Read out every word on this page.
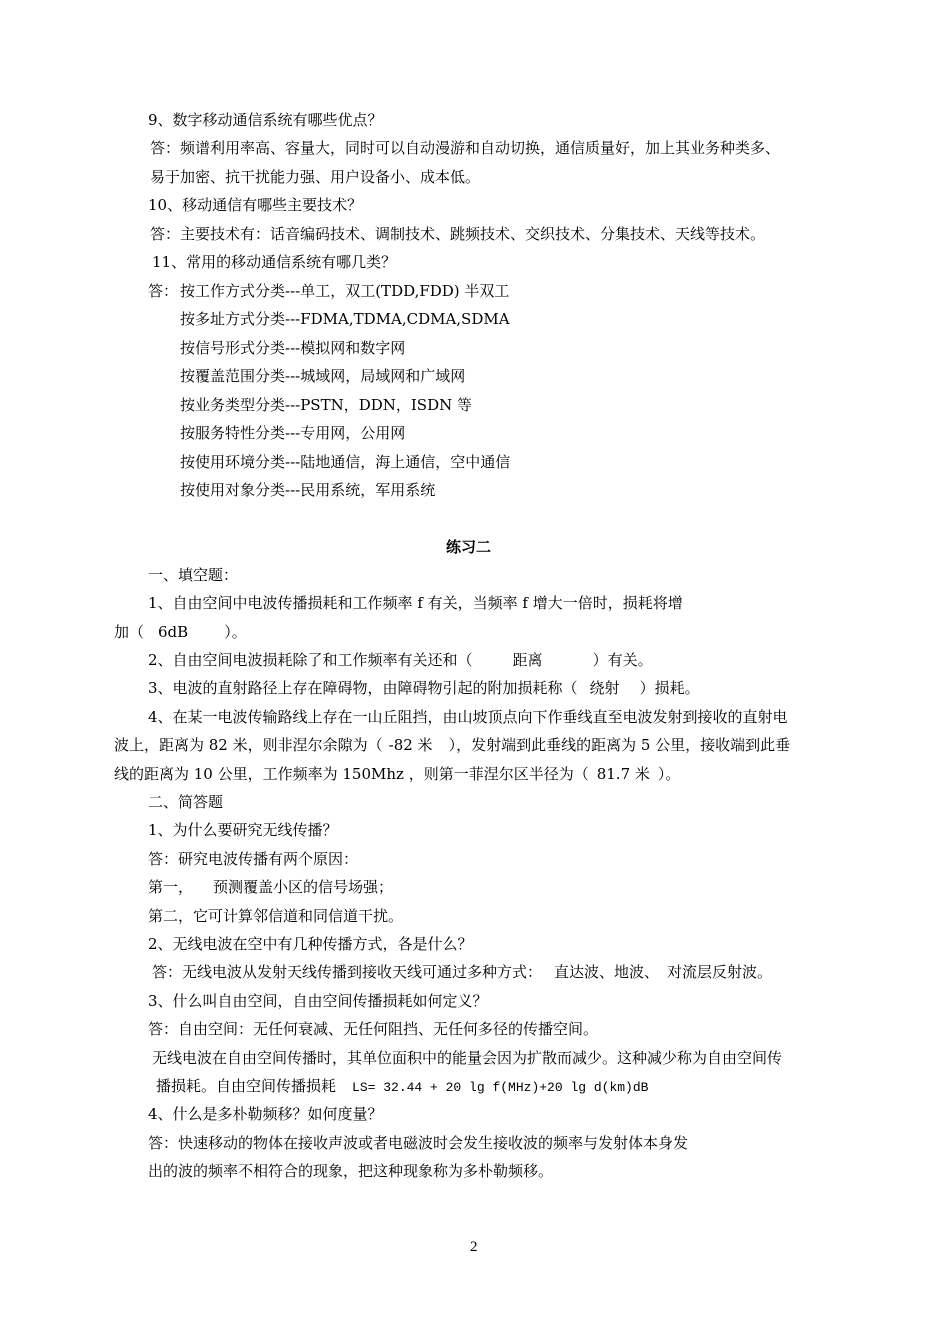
9、数字移动通信系统有哪些优点？
答：频谱利用率高、容量大，同时可以自动漫游和自动切换，通信质量好，加上其业务种类多、
易于加密、抗干扰能力强、用户设备小、成本低。
10、移动通信有哪些主要技术？
答：主要技术有：话音编码技术、调制技术、跳频技术、交织技术、分集技术、天线等技术。
11、常用的移动通信系统有哪几类？
答： 按工作方式分类---单工，双工(TDD,FDD) 半双工
按多址方式分类---FDMA,TDMA,CDMA,SDMA
按信号形式分类---模拟网和数字网
按覆盖范围分类---城域网，局域网和广域网
按业务类型分类---PSTN，DDN，ISDN 等
按服务特性分类---专用网，公用网
按使用环境分类---陆地通信，海上通信，空中通信
按使用对象分类---民用系统，军用系统
练习二
一、填空题：
1、自由空间中电波传播损耗和工作频率 f 有关，当频率 f 增大一倍时，损耗将增
加（ 6dB ）。
2、自由空间电波损耗除了和工作频率有关还和（	距离	）有关。
3、电波的直射路径上存在障碍物，由障碍物引起的附加损耗称（ 绕射 ）损耗。
4、在某一电波传输路线上存在一山丘阻挡，由山坡顶点向下作垂线直至电波发射到接收的直射电
波上，距离为 82 米，则非涅尔余隙为（ -82 米 ），发射端到此垂线的距离为 5 公里，接收端到此垂
线的距离为 10 公里，工作频率为 150Mhz ，则第一菲涅尔区半径为（ 81.7 米 ）。
二、简答题
1、为什么要研究无线传播？
答：研究电波传播有两个原因：
第一， 预测覆盖小区的信号场强；
第二，它可计算邻信道和同信道干扰。
2、无线电波在空中有几种传播方式，各是什么？
答：无线电波从发射天线传播到接收天线可通过多种方式： 直达波、地波、 对流层反射波。
3、什么叫自由空间，自由空间传播损耗如何定义？
答：自由空间：无任何衰减、无任何阻挡、无任何多径的传播空间。
无线电波在自由空间传播时，其单位面积中的能量会因为扩散而减少。这种减少称为自由空间传
播损耗。自由空间传播损耗 LS= 32.44 + 20 lg f(MHz)+20 lg d(km)dB
4、什么是多朴勒频移？如何度量？
答：快速移动的物体在接收声波或者电磁波时会发生接收波的频率与发射体本身发
出的波的频率不相符合的现象，把这种现象称为多朴勒频移。
2
